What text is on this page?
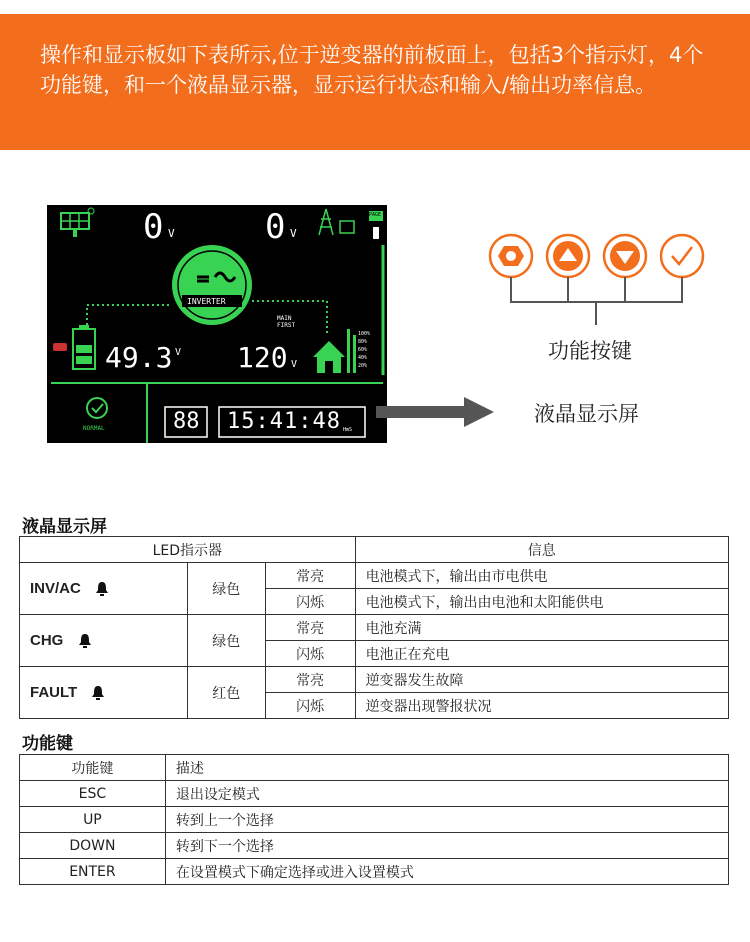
操作和显示板如下表所示,位于逆变器的前板面上，包括3个指示灯，4个功能键，和一个液晶显示器，显示运行状态和输入/输出功率信息。
0 V	0 V
PAGE
INVERTER
MAIN
FIRST
49.3 V 120 V
100%
80%
60%
40%
20%
NORMAL	88 15:41:48 HmS
功能按键
液晶显示屏
液晶显示屏
LED指示器			信息
INV/AC	绿色	常亮	电池模式下，输出由市电供电
		闪烁	电池模式下，输出由电池和太阳能供电
CHG	绿色	常亮	电池充满
		闪烁	电池正在充电
FAULT	红色	常亮	逆变器发生故障
		闪烁	逆变器出现警报状况
功能键
功能键	描述
ESC	退出设定模式
UP	转到上一个选择
DOWN	转到下一个选择
ENTER	在设置模式下确定选择或进入设置模式
